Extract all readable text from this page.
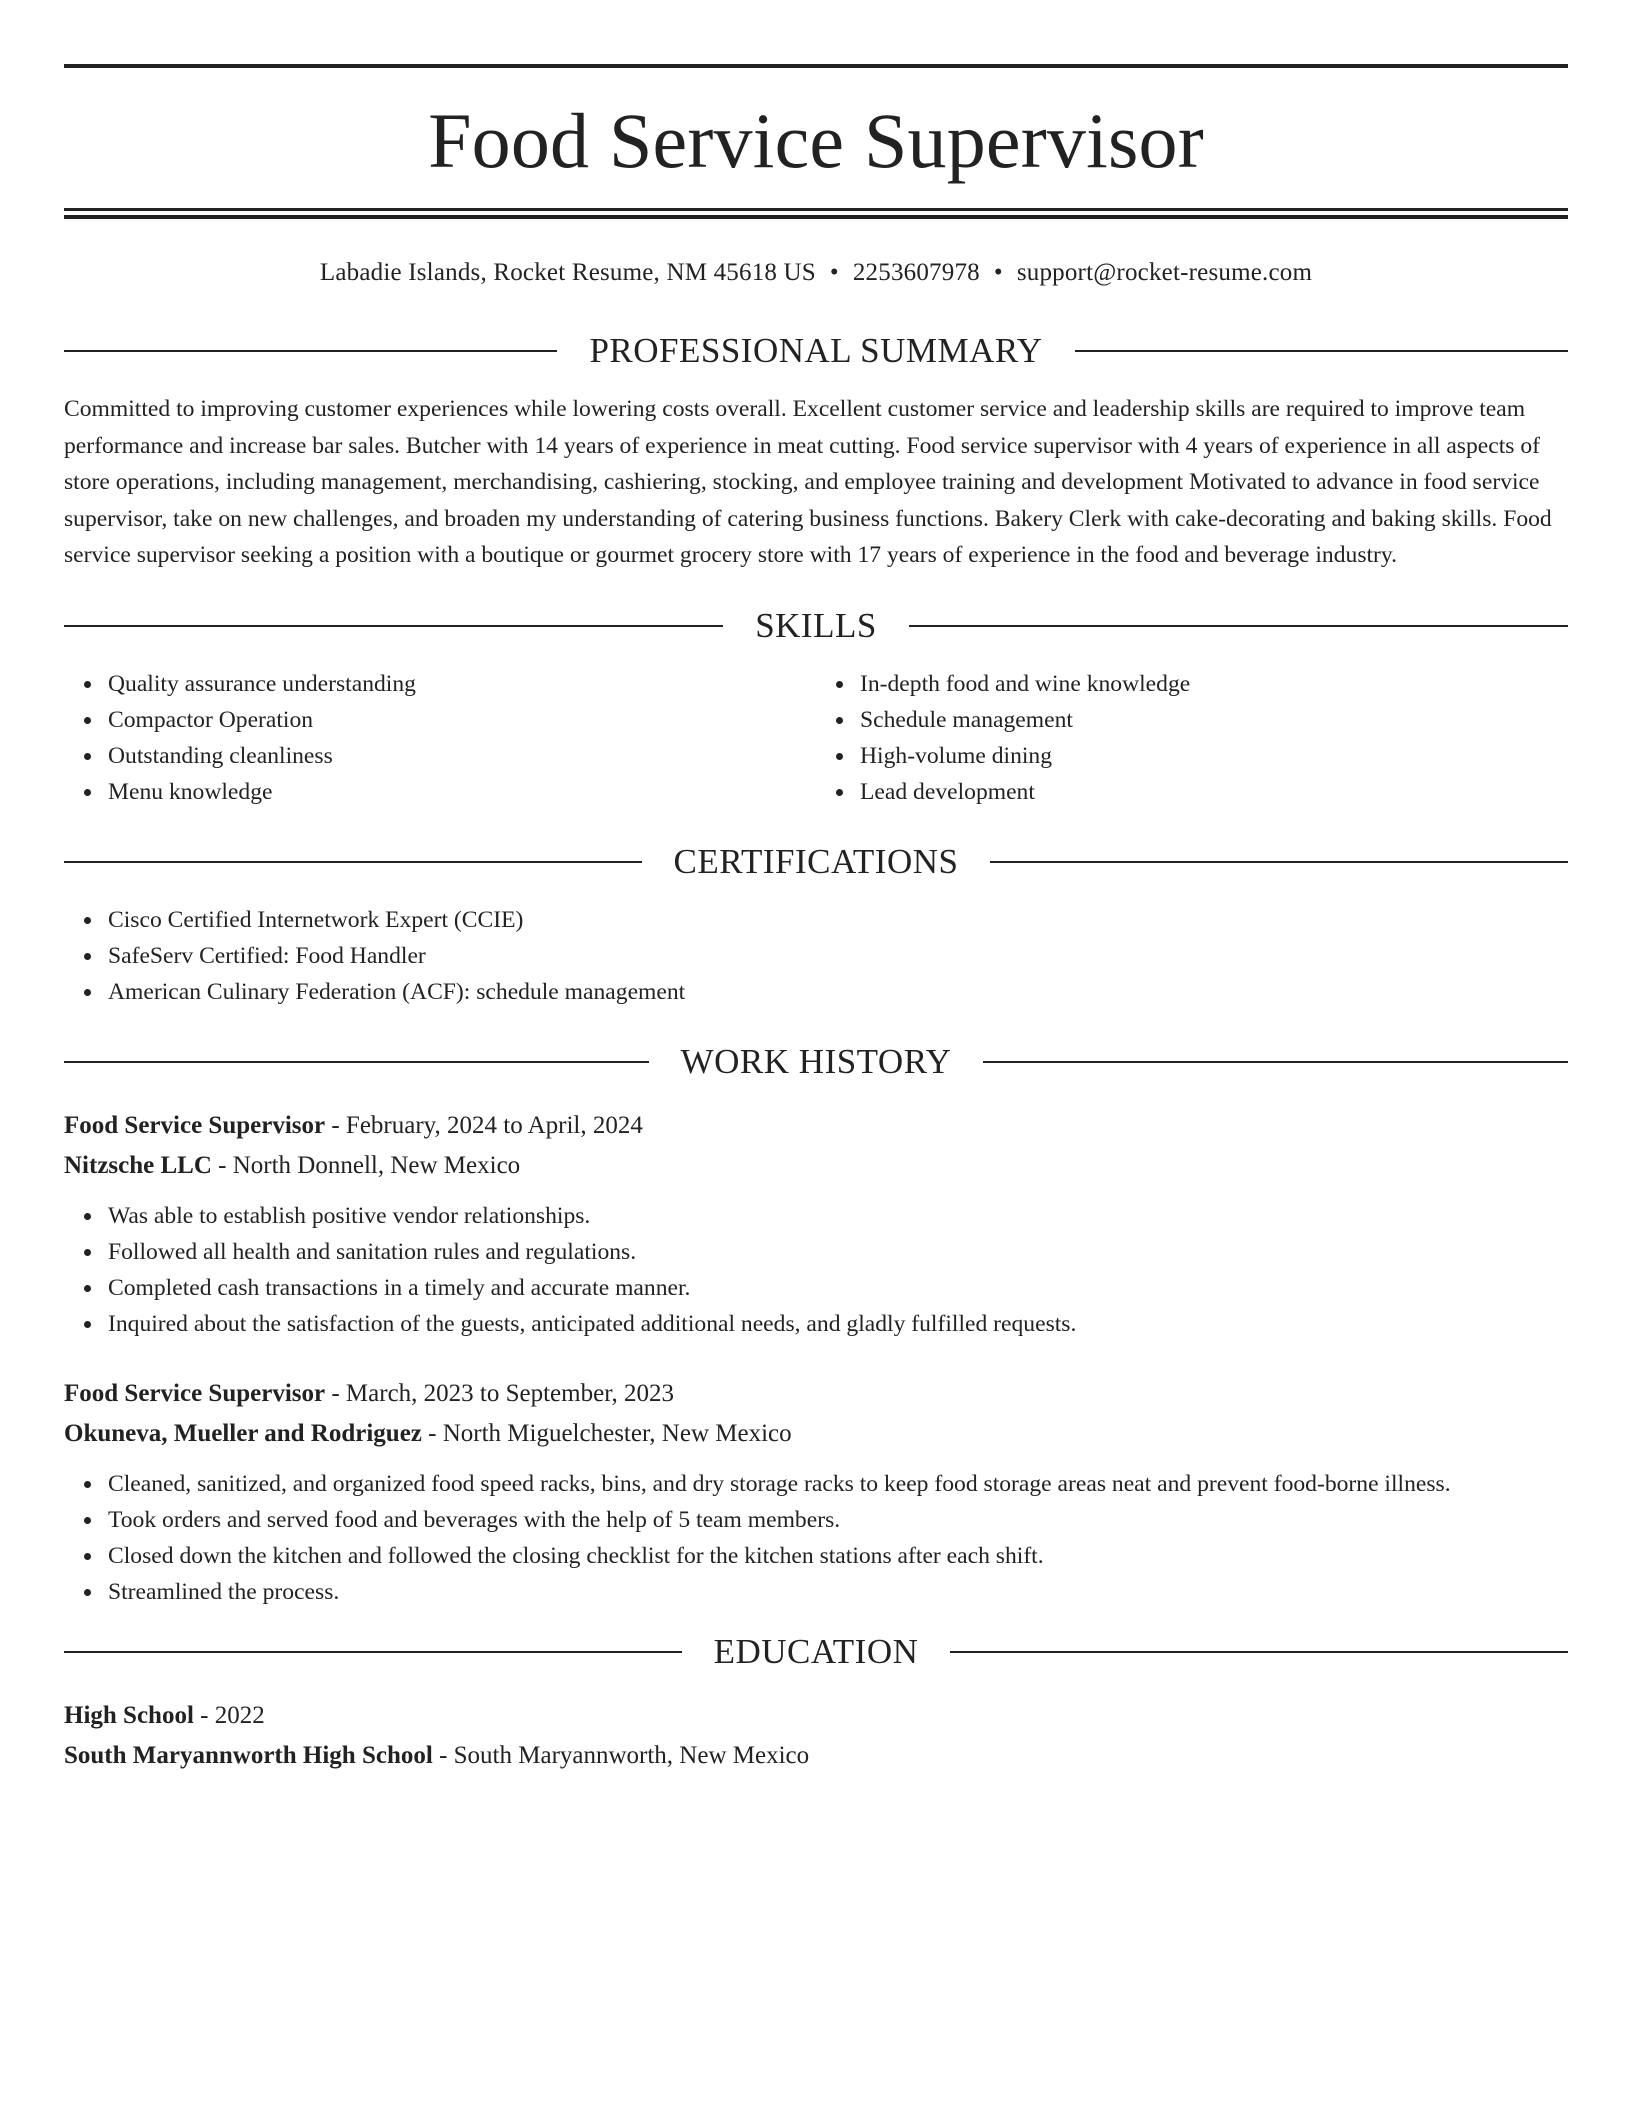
Food Service Supervisor
Labadie Islands, Rocket Resume, NM 45618 US • 2253607978 • support@rocket-resume.com
PROFESSIONAL SUMMARY
Committed to improving customer experiences while lowering costs overall. Excellent customer service and leadership skills are required to improve team performance and increase bar sales. Butcher with 14 years of experience in meat cutting. Food service supervisor with 4 years of experience in all aspects of store operations, including management, merchandising, cashiering, stocking, and employee training and development Motivated to advance in food service supervisor, take on new challenges, and broaden my understanding of catering business functions. Bakery Clerk with cake-decorating and baking skills. Food service supervisor seeking a position with a boutique or gourmet grocery store with 17 years of experience in the food and beverage industry.
SKILLS
Quality assurance understanding
Compactor Operation
Outstanding cleanliness
Menu knowledge
In-depth food and wine knowledge
Schedule management
High-volume dining
Lead development
CERTIFICATIONS
Cisco Certified Internetwork Expert (CCIE)
SafeServ Certified: Food Handler
American Culinary Federation (ACF): schedule management
WORK HISTORY
Food Service Supervisor - February, 2024 to April, 2024
Nitzsche LLC - North Donnell, New Mexico
Was able to establish positive vendor relationships.
Followed all health and sanitation rules and regulations.
Completed cash transactions in a timely and accurate manner.
Inquired about the satisfaction of the guests, anticipated additional needs, and gladly fulfilled requests.
Food Service Supervisor - March, 2023 to September, 2023
Okuneva, Mueller and Rodriguez - North Miguelchester, New Mexico
Cleaned, sanitized, and organized food speed racks, bins, and dry storage racks to keep food storage areas neat and prevent food-borne illness.
Took orders and served food and beverages with the help of 5 team members.
Closed down the kitchen and followed the closing checklist for the kitchen stations after each shift.
Streamlined the process.
EDUCATION
High School - 2022
South Maryannworth High School - South Maryannworth, New Mexico
